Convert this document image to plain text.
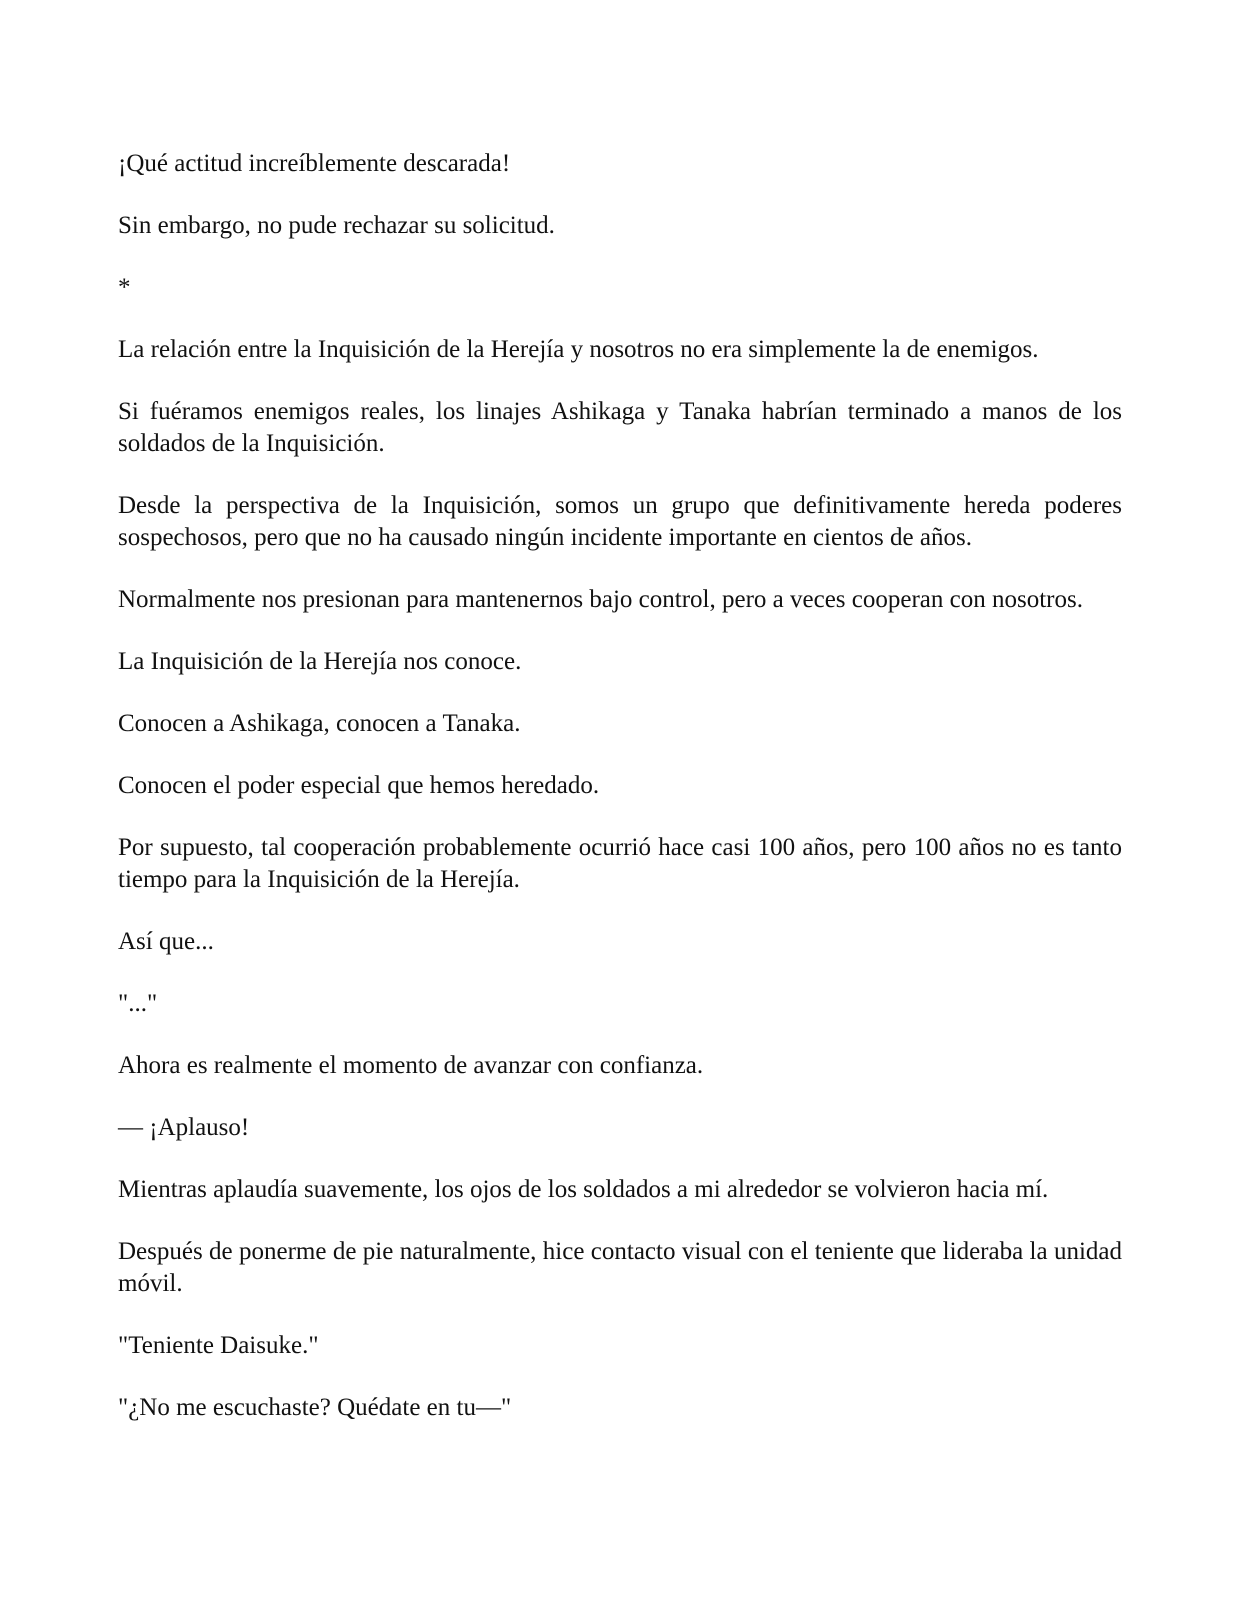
¡Qué actitud increíblemente descarada!

Sin embargo, no pude rechazar su solicitud.

*

La relación entre la Inquisición de la Herejía y nosotros no era simplemente la de enemigos.

Si fuéramos enemigos reales, los linajes Ashikaga y Tanaka habrían terminado a manos de los soldados de la Inquisición.

Desde la perspectiva de la Inquisición, somos un grupo que definitivamente hereda poderes sospechosos, pero que no ha causado ningún incidente importante en cientos de años.

Normalmente nos presionan para mantenernos bajo control, pero a veces cooperan con nosotros.

La Inquisición de la Herejía nos conoce.

Conocen a Ashikaga, conocen a Tanaka.

Conocen el poder especial que hemos heredado.

Por supuesto, tal cooperación probablemente ocurrió hace casi 100 años, pero 100 años no es tanto tiempo para la Inquisición de la Herejía.

Así que...

"..."

Ahora es realmente el momento de avanzar con confianza.

— ¡Aplauso!

Mientras aplaudía suavemente, los ojos de los soldados a mi alrededor se volvieron hacia mí.

Después de ponerme de pie naturalmente, hice contacto visual con el teniente que lideraba la unidad móvil.

"Teniente Daisuke."

"¿No me escuchaste? Quédate en tu—"
